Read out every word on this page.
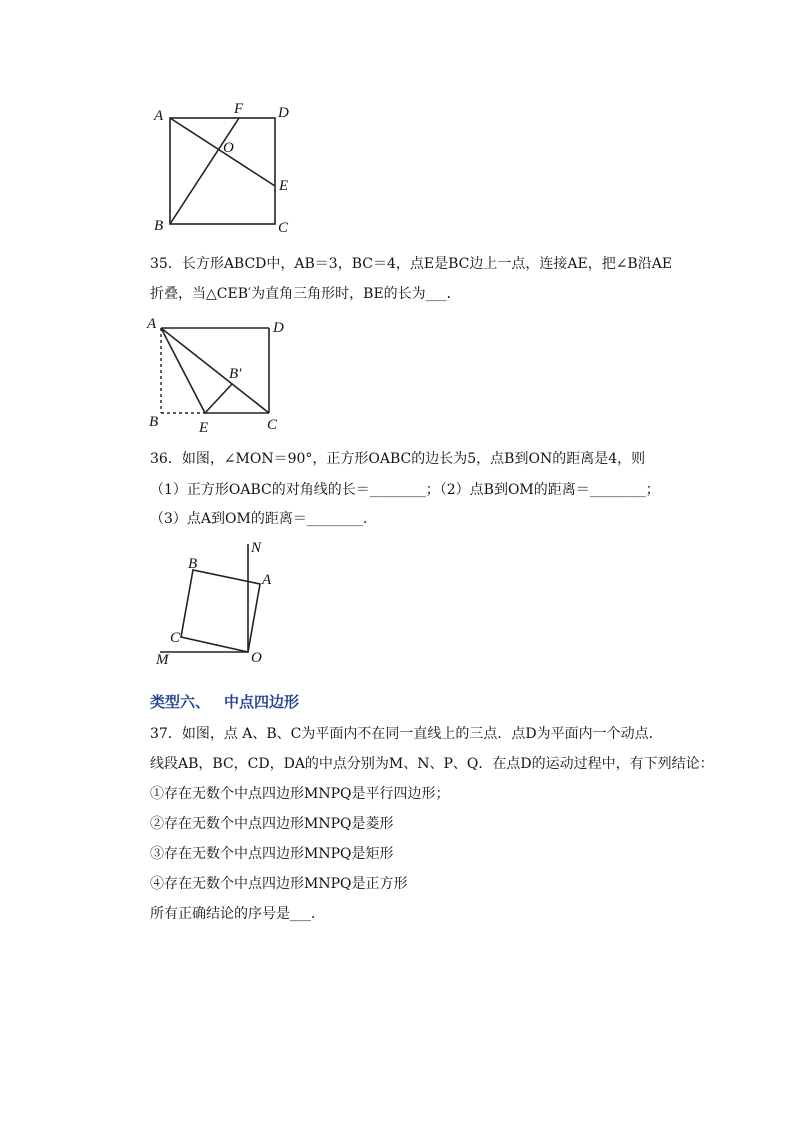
A	F D
O
E
B	C
35．长方形ABCD中，AB＝3，BC＝4，点E是BC边上一点，连接AE，把∠B沿AE
折叠，当△CEB′为直角三角形时，BE的长为___．
A	D
B′
B	E	C
36．如图，∠MON＝90°，正方形OABC的边长为5，点B到ON的距离是4，则
（1）正方形OABC的对角线的长＝________；（2）点B到OM的距离＝________；
（3）点A到OM的距离＝________．
N
B
A
C
M	O
类型六、 中点四边形
37．如图，点 A、B、C为平面内不在同一直线上的三点．点D为平面内一个动点．
线段AB，BC，CD，DA的中点分别为M、N、P、Q．在点D的运动过程中，有下列结论：
①存在无数个中点四边形MNPQ是平行四边形；
②存在无数个中点四边形MNPQ是菱形
③存在无数个中点四边形MNPQ是矩形
④存在无数个中点四边形MNPQ是正方形
所有正确结论的序号是___．
